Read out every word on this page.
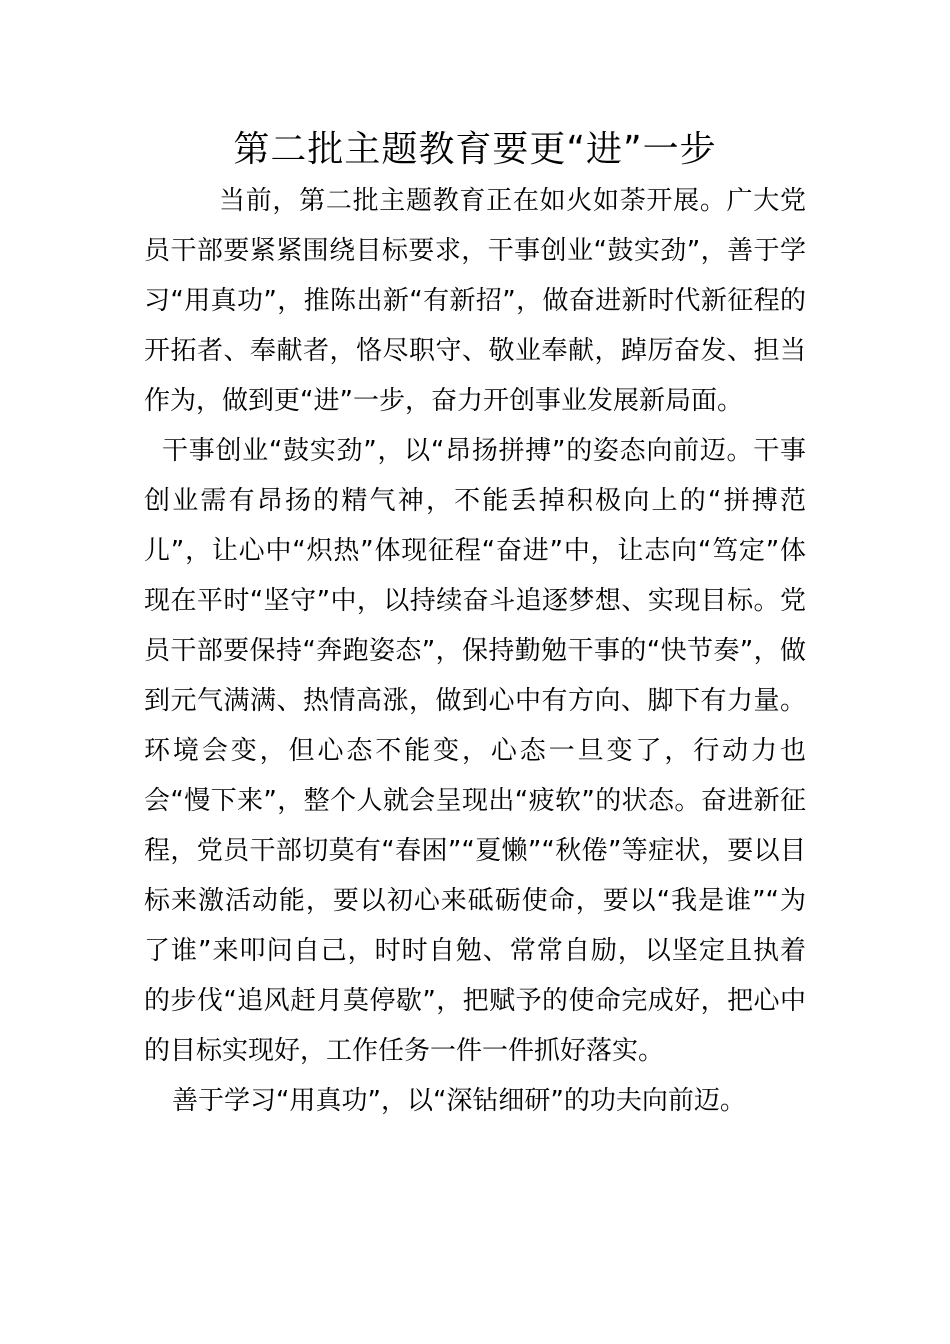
第二批主题教育要更“进”一步

当前，第二批主题教育正在如火如荼开展。广大党员干部要紧紧围绕目标要求，干事创业“鼓实劲”，善于学习“用真功”，推陈出新“有新招”，做奋进新时代新征程的开拓者、奉献者，恪尽职守、敬业奉献，踔厉奋发、担当作为，做到更“进”一步，奋力开创事业发展新局面。

干事创业“鼓实劲”，以“昂扬拼搏”的姿态向前迈。干事创业需有昂扬的精气神，不能丢掉积极向上的“拼搏范儿”，让心中“炽热”体现征程“奋进”中，让志向“笃定”体现在平时“坚守”中，以持续奋斗追逐梦想、实现目标。党员干部要保持“奔跑姿态”，保持勤勉干事的“快节奏”，做到元气满满、热情高涨，做到心中有方向、脚下有力量。环境会变，但心态不能变，心态一旦变了，行动力也会“慢下来”，整个人就会呈现出“疲软”的状态。奋进新征程，党员干部切莫有“春困”“夏懒”“秋倦”等症状，要以目标来激活动能，要以初心来砥砺使命，要以“我是谁”“为了谁”来叩问自己，时时自勉、常常自励，以坚定且执着的步伐“追风赶月莫停歇”，把赋予的使命完成好，把心中的目标实现好，工作任务一件一件抓好落实。

善于学习“用真功”，以“深钻细研”的功夫向前迈。
